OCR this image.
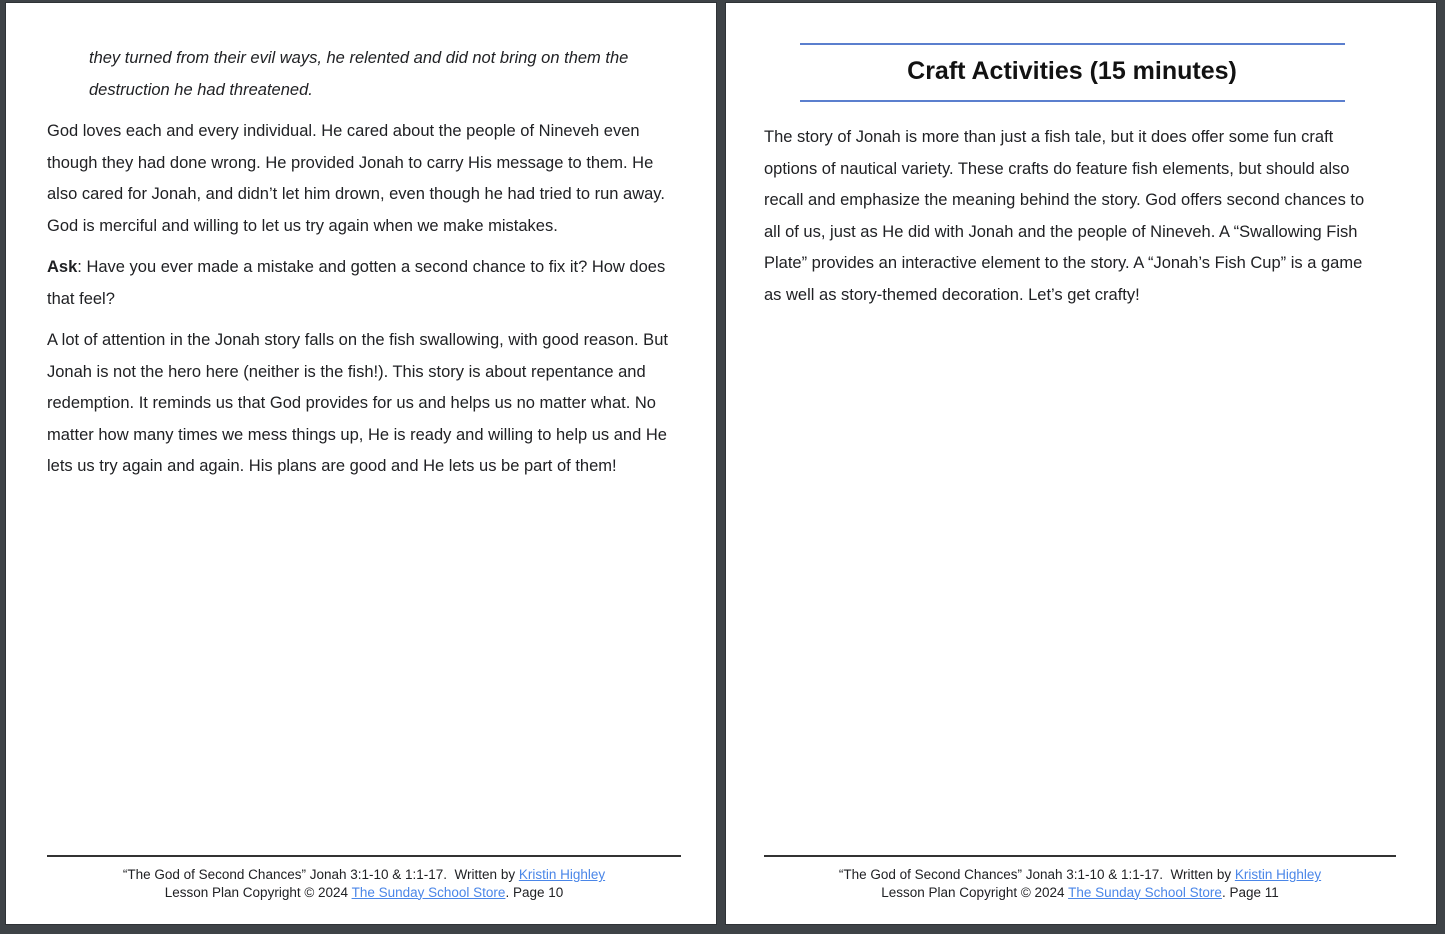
they turned from their evil ways, he relented and did not bring on them the destruction he had threatened.

God loves each and every individual. He cared about the people of Nineveh even though they had done wrong. He provided Jonah to carry His message to them. He also cared for Jonah, and didn’t let him drown, even though he had tried to run away. God is merciful and willing to let us try again when we make mistakes.

Ask: Have you ever made a mistake and gotten a second chance to fix it? How does that feel?

A lot of attention in the Jonah story falls on the fish swallowing, with good reason. But Jonah is not the hero here (neither is the fish!). This story is about repentance and redemption. It reminds us that God provides for us and helps us no matter what. No matter how many times we mess things up, He is ready and willing to help us and He lets us try again and again. His plans are good and He lets us be part of them!

“The God of Second Chances” Jonah 3:1-10 & 1:1-17.  Written by Kristin Highley
Lesson Plan Copyright © 2024 The Sunday School Store. Page 10
Craft Activities (15 minutes)

The story of Jonah is more than just a fish tale, but it does offer some fun craft options of nautical variety. These crafts do feature fish elements, but should also recall and emphasize the meaning behind the story. God offers second chances to all of us, just as He did with Jonah and the people of Nineveh. A “Swallowing Fish Plate” provides an interactive element to the story. A “Jonah’s Fish Cup” is a game as well as story-themed decoration. Let’s get crafty!

“The God of Second Chances” Jonah 3:1-10 & 1:1-17.  Written by Kristin Highley
Lesson Plan Copyright © 2024 The Sunday School Store. Page 11
